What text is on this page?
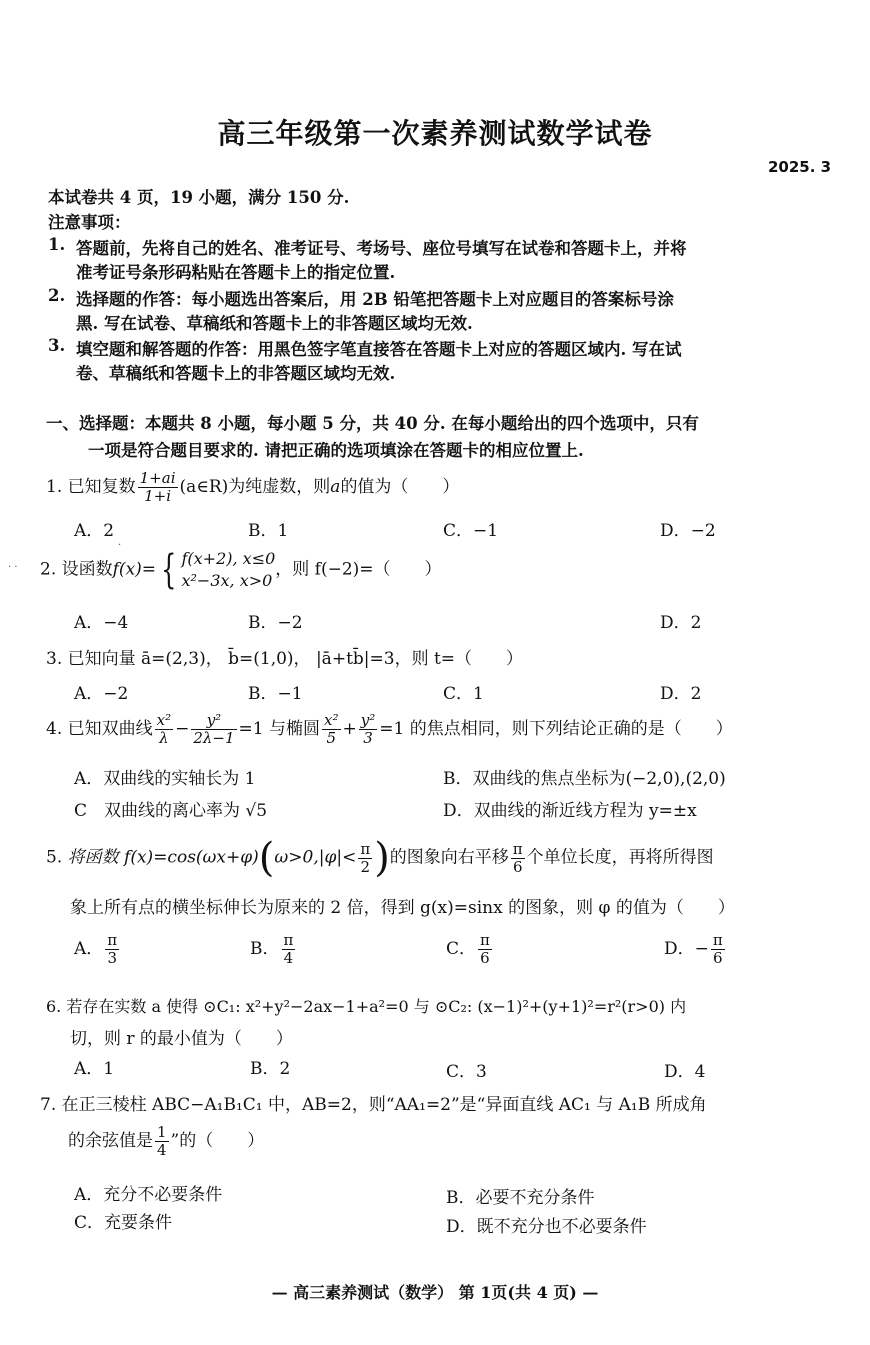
高三年级第一次素养测试数学试卷
2025. 3
本试卷共 4 页，19 小题，满分 150 分.
注意事项：
1. 答题前，先将自己的姓名、准考证号、考场号、座位号填写在试卷和答题卡上，并将
准考证号条形码粘贴在答题卡上的指定位置.
2. 选择题的作答：每小题选出答案后，用 2B 铅笔把答题卡上对应题目的答案标号涂
黑. 写在试卷、草稿纸和答题卡上的非答题区域均无效.
3. 填空题和解答题的作答：用黑色签字笔直接答在答题卡上对应的答题区域内. 写在试
卷、草稿纸和答题卡上的非答题区域均无效.
一、选择题：本题共 8 小题，每小题 5 分，共 40 分. 在每小题给出的四个选项中，只有
一项是符合题目要求的. 请把正确的选项填涂在答题卡的相应位置上.
1. 已知复数 $\frac{1+ai}{1+i}$ (a∈R)为纯虚数，则a的值为（　　）
A．2	B．1	C．−1	D．−2
2. 设函数f(x)= { f(x+2), x≤0
x²−3x, x>0
，则 f(−2)=（　　）
A．−4	B．−2	D．2
3. 已知向量 ā=(2,3)， b̄=(1,0)， |ā+tb̄|=3，则 t=（　　）
A．−2	B．−1	C．1	D．2
4. 已知双曲线 $\frac{\text{x²}}{\lambda} - \frac{\text{y²}}{2\lambda-1} =1$ 与椭圆 $\frac{\text{x²}}{5} + \frac{\text{y²}}{3} =1$ 的焦点相同，则下列结论正确的是（　　）
A．双曲线的实轴长为 1	B．双曲线的焦点坐标为(−2,0),(2,0)
C　双曲线的离心率为 √5	D．双曲线的渐近线方程为 y=±x
5. 将函数 $f(x)=\cos(\omega x+\varphi)(\omega>0,|\varphi|< \frac{\pi}{2}$ )的图象向右平移 $\frac{\pi}{6}$ 个单位长度，再将所得图
象上所有点的横坐标伸长为原来的 2 倍，得到 g(x)=sinx 的图象，则 φ 的值为（　　）
A． $\frac{\pi}{3}$	B． $\frac{\pi}{4}$	C． $\frac{\pi}{6}$	D．− $\frac{\pi}{6}$
6. 若存在实数 a 使得 ⊙C₁: x²+y²−2ax−1+a²=0 与 ⊙C₂: (x−1)²+(y+1)²=r²(r>0) 内
切，则 r 的最小值为（　　）
A．1	B．2	C．3	D．4
7. 在正三棱柱 ABC−A₁B₁C₁ 中，AB=2，则“AA₁=2”是“异面直线 AC₁ 与 A₁B 所成角
的余弦值是 $\frac{1}{4}$ ”的（　　）
A．充分不必要条件	B．必要不充分条件
C．充要条件	D．既不充分也不必要条件
— 高三素养测试（数学） 第 1页(共 4 页) —
· ·
·
